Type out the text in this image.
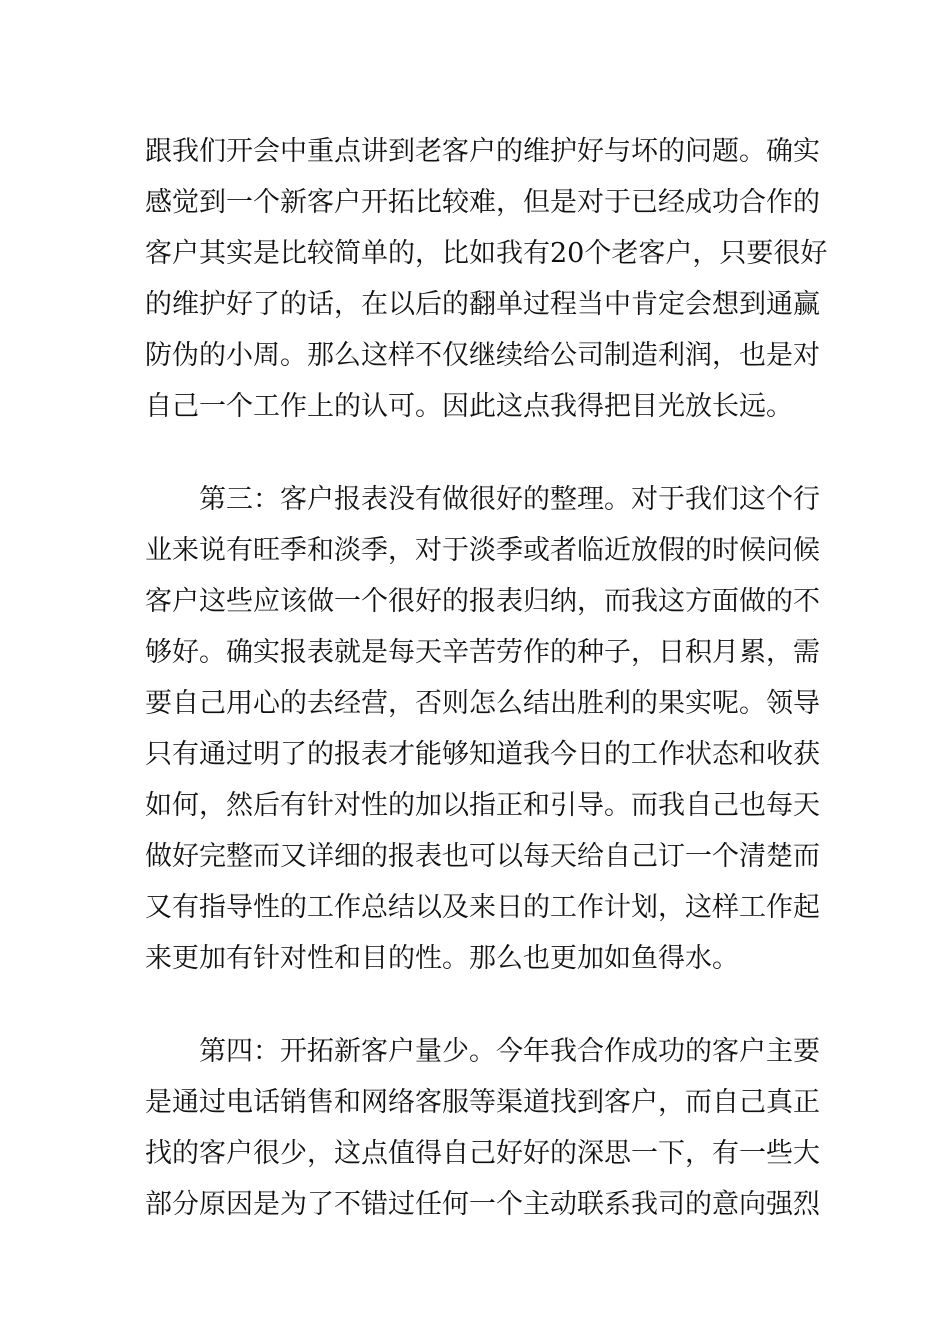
跟我们开会中重点讲到老客户的维护好与坏的问题。确实
感觉到一个新客户开拓比较难，但是对于已经成功合作的
客户其实是比较简单的，比如我有20个老客户，只要很好
的维护好了的话，在以后的翻单过程当中肯定会想到通赢
防伪的小周。那么这样不仅继续给公司制造利润，也是对
自己一个工作上的认可。因此这点我得把目光放长远。

　　第三：客户报表没有做很好的整理。对于我们这个行
业来说有旺季和淡季，对于淡季或者临近放假的时候问候
客户这些应该做一个很好的报表归纳，而我这方面做的不
够好。确实报表就是每天辛苦劳作的种子，日积月累，需
要自己用心的去经营，否则怎么结出胜利的果实呢。领导
只有通过明了的报表才能够知道我今日的工作状态和收获
如何，然后有针对性的加以指正和引导。而我自己也每天
做好完整而又详细的报表也可以每天给自己订一个清楚而
又有指导性的工作总结以及来日的工作计划，这样工作起
来更加有针对性和目的性。那么也更加如鱼得水。

　　第四：开拓新客户量少。今年我合作成功的客户主要
是通过电话销售和网络客服等渠道找到客户，而自己真正
找的客户很少，这点值得自己好好的深思一下，有一些大
部分原因是为了不错过任何一个主动联系我司的意向强烈
